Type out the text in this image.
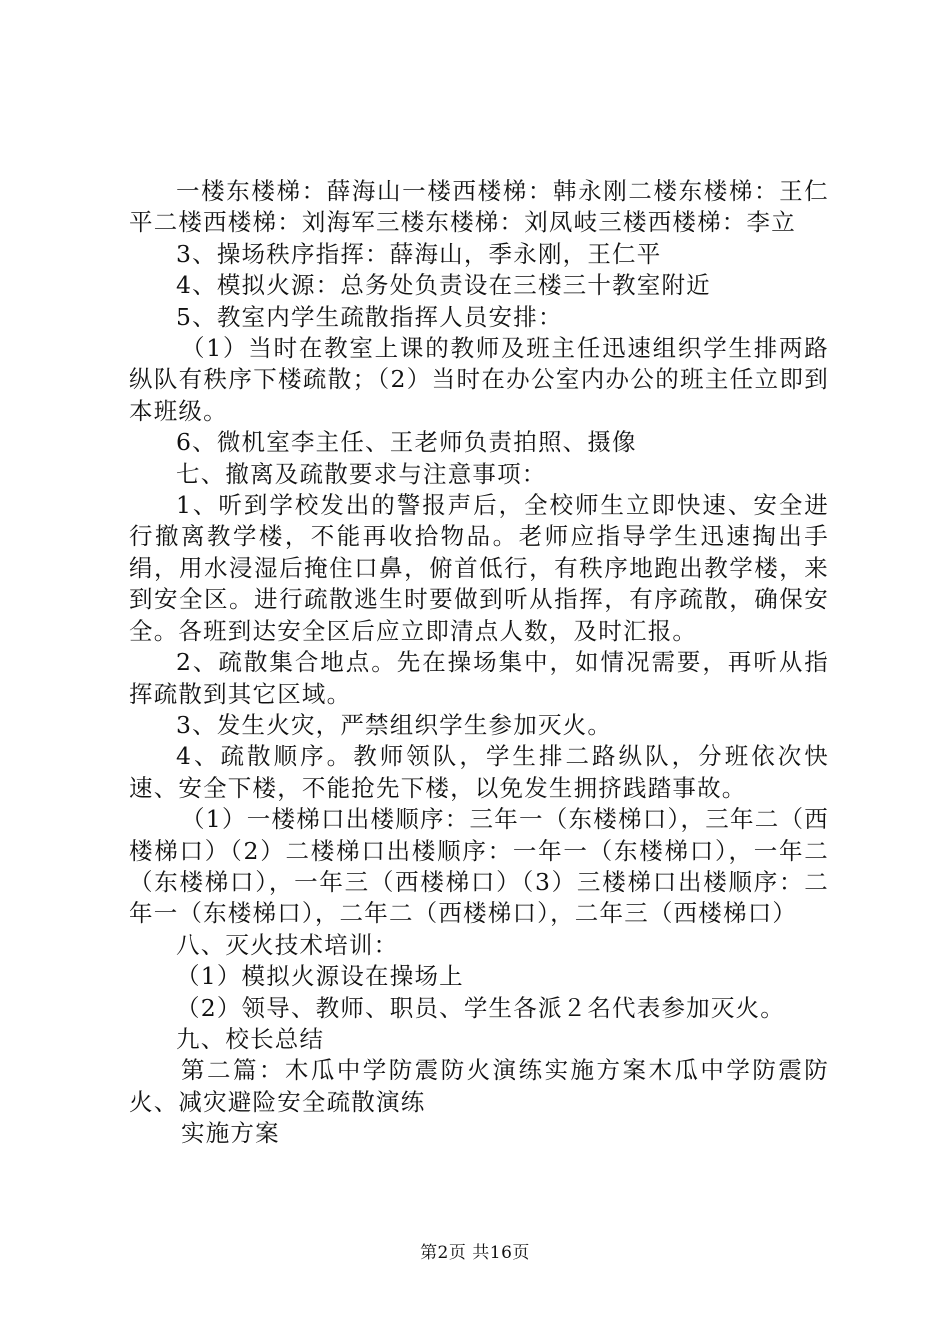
一楼东楼梯：薛海山一楼西楼梯：韩永刚二楼东楼梯：王仁平二楼西楼梯：刘海军三楼东楼梯：刘凤岐三楼西楼梯：李立

3、操场秩序指挥：薛海山，季永刚，王仁平

4、模拟火源：总务处负责设在三楼三十教室附近

5、教室内学生疏散指挥人员安排：

（1）当时在教室上课的教师及班主任迅速组织学生排两路纵队有秩序下楼疏散；（2）当时在办公室内办公的班主任立即到本班级。

6、微机室李主任、王老师负责拍照、摄像

七、撤离及疏散要求与注意事项：

1、听到学校发出的警报声后，全校师生立即快速、安全进行撤离教学楼，不能再收拾物品。老师应指导学生迅速掏出手绢，用水浸湿后掩住口鼻，俯首低行，有秩序地跑出教学楼，来到安全区。进行疏散逃生时要做到听从指挥，有序疏散，确保安全。各班到达安全区后应立即清点人数，及时汇报。

2、疏散集合地点。先在操场集中，如情况需要，再听从指挥疏散到其它区域。

3、发生火灾，严禁组织学生参加灭火。

4、疏散顺序。教师领队，学生排二路纵队，分班依次快速、安全下楼，不能抢先下楼，以免发生拥挤践踏事故。

（1）一楼梯口出楼顺序：三年一（东楼梯口），三年二（西楼梯口）（2）二楼梯口出楼顺序：一年一（东楼梯口），一年二（东楼梯口），一年三（西楼梯口）（3）三楼梯口出楼顺序：二年一（东楼梯口），二年二（西楼梯口），二年三（西楼梯口）

八、灭火技术培训：

（1）模拟火源设在操场上

（2）领导、教师、职员、学生各派２名代表参加灭火。

九、校长总结

第二篇：木瓜中学防震防火演练实施方案木瓜中学防震防火、减灾避险安全疏散演练

实施方案

第2页 共16页
